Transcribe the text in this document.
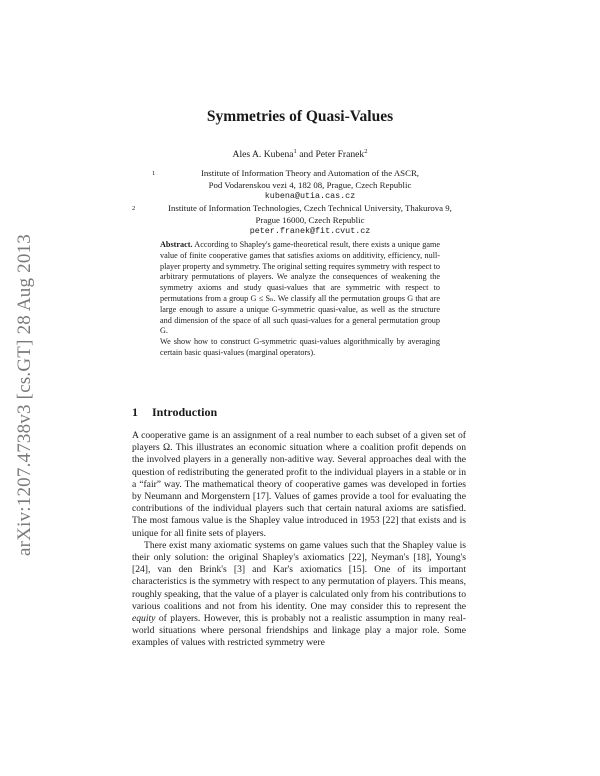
arXiv:1207.4738v3 [cs.GT] 28 Aug 2013
Symmetries of Quasi-Values
Ales A. Kubena$^1$ and Peter Franek$^2$
1	Institute of Information Theory and Automation of the ASCR,
Pod Vodarenskou vezi 4, 182 08, Prague, Czech Republic
kubena@utia.cas.cz
2	Institute of Information Technologies, Czech Technical University, Thakurova 9,
Prague 16000, Czech Republic
peter.franek@fit.cvut.cz

Abstract. According to Shapley's game-theoretical result, there exists a unique game value of finite cooperative games that satisfies axioms on additivity, efficiency, null-player property and symmetry. The original setting requires symmetry with respect to arbitrary permutations of players. We analyze the consequences of weakening the symmetry axioms and study quasi-values that are symmetric with respect to permutations from a group G ≤ Sₙ. We classify all the permutation groups G that are large enough to assure a unique G-symmetric quasi-value, as well as the structure and dimension of the space of all such quasi-values for a general permutation group G.

We show how to construct G-symmetric quasi-values algorithmically by averaging certain basic quasi-values (marginal operators).

1 Introduction

A cooperative game is an assignment of a real number to each subset of a given set of players Ω. This illustrates an economic situation where a coalition profit depends on the involved players in a generally non-aditive way. Several approaches deal with the question of redistributing the generated profit to the individual players in a stable or in a “fair” way. The mathematical theory of cooperative games was developed in forties by Neumann and Morgenstern [17]. Values of games provide a tool for evaluating the contributions of the individual players such that certain natural axioms are satisfied. The most famous value is the Shapley value introduced in 1953 [22] that exists and is unique for all finite sets of players.

There exist many axiomatic systems on game values such that the Shapley value is their only solution: the original Shapley's axiomatics [22], Neyman's [18], Young's [24], van den Brink's [3] and Kar's axiomatics [15]. One of its important characteristics is the symmetry with respect to any permutation of players. This means, roughly speaking, that the value of a player is calculated only from his contributions to various coalitions and not from his identity. One may consider this to represent the equity of players. However, this is probably not a realistic assumption in many real-world situations where personal friendships and linkage play a major role. Some examples of values with restricted symmetry were
